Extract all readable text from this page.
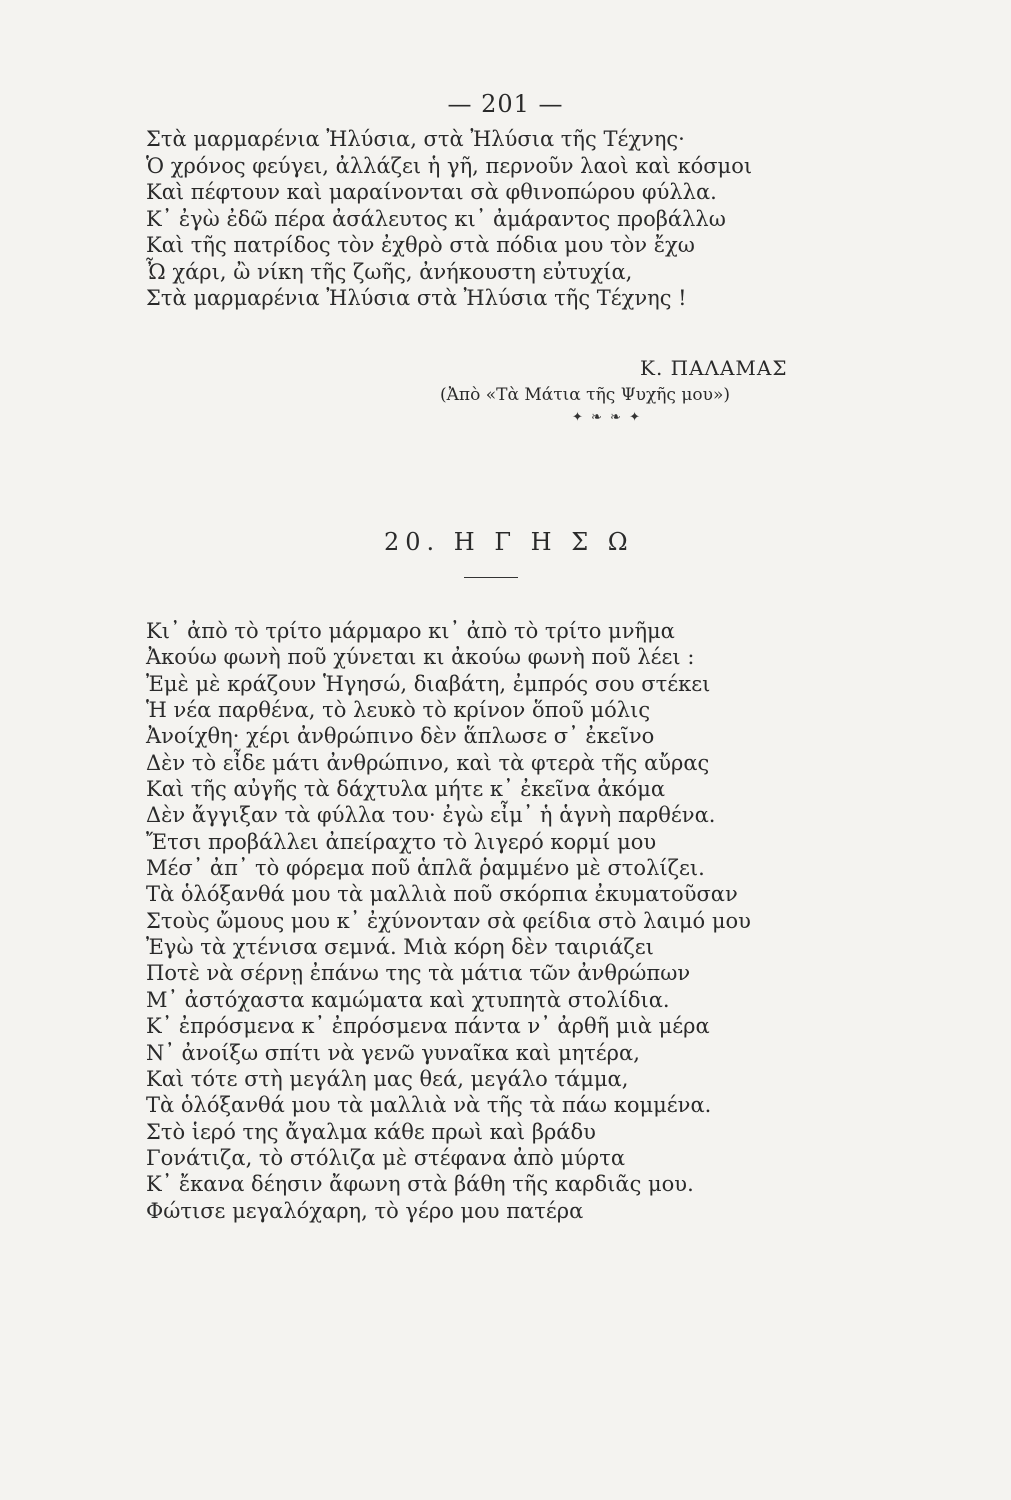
— 201 —
Στὰ μαρμαρένια Ἠλύσια, στὰ Ἠλύσια τῆς Τέχνης·
Ὁ χρόνος φεύγει, ἀλλάζει ἡ γῆ, περνοῦν λαοὶ καὶ κόσμοι
Καὶ πέφτουν καὶ μαραίνονται σὰ φθινοπώρου φύλλα.
Κ᾽ ἐγὼ ἐδῶ πέρα ἀσάλευτος κι᾽ ἀμάραντος προβάλλω
Καὶ τῆς πατρίδος τὸν ἐχθρὸ στὰ πόδια μου τὸν ἔχω
Ὦ χάρι, ὢ νίκη τῆς ζωῆς, ἀνήκουστη εὐτυχία,
Στὰ μαρμαρένια Ἠλύσια στὰ Ἠλύσια τῆς Τέχνης !
Κ. ΠΑΛΑΜΑΣ
(Ἀπὸ «Τὰ Μάτια τῆς Ψυχῆς μου»)
✦ ❧ ❧ ✦
20. Η Γ Η Σ Ω
Κι᾽ ἀπὸ τὸ τρίτο μάρμαρο κι᾽ ἀπὸ τὸ τρίτο μνῆμα
Ἀκούω φωνὴ ποῦ χύνεται κι ἀκούω φωνὴ ποῦ λέει :
Ἐμὲ μὲ κράζουν Ἡγησώ, διαβάτη, ἐμπρός σου στέκει
Ἡ νέα παρθένα, τὸ λευκὸ τὸ κρίνον ὅποῦ μόλις
Ἀνοίχθη· χέρι ἀνθρώπινο δὲν ἅπλωσε σ᾽ ἐκεῖνο
Δὲν τὸ εἶδε μάτι ἀνθρώπινο, καὶ τὰ φτερὰ τῆς αὔρας
Καὶ τῆς αὐγῆς τὰ δάχτυλα μήτε κ᾽ ἐκεῖνα ἀκόμα
Δὲν ἄγγιξαν τὰ φύλλα του· ἐγὼ εἶμ᾽ ἡ ἁγνὴ παρθένα.
Ἔτσι προβάλλει ἀπείραχτο τὸ λιγερό κορμί μου
Μέσ᾽ ἀπ᾽ τὸ φόρεμα ποῦ ἁπλᾶ ῥαμμένο μὲ στολίζει.
Τὰ ὁλόξανθά μου τὰ μαλλιὰ ποῦ σκόρπια ἐκυματοῦσαν
Στοὺς ὤμους μου κ᾽ ἐχύνονταν σὰ φείδια στὸ λαιμό μου
Ἐγὼ τὰ χτένισα σεμνά. Μιὰ κόρη δὲν ταιριάζει
Ποτὲ νὰ σέρνῃ ἐπάνω της τὰ μάτια τῶν ἀνθρώπων
Μ᾽ ἀστόχαστα καμώματα καὶ χτυπητὰ στολίδια.
Κ᾽ ἐπρόσμενα κ᾽ ἐπρόσμενα πάντα ν᾽ ἀρθῆ μιὰ μέρα
Ν᾽ ἀνοίξω σπίτι νὰ γενῶ γυναῖκα καὶ μητέρα,
Καὶ τότε στὴ μεγάλη μας θεά, μεγάλο τάμμα,
Τὰ ὁλόξανθά μου τὰ μαλλιὰ νὰ τῆς τὰ πάω κομμένα.
Στὸ ἱερό της ἄγαλμα κάθε πρωὶ καὶ βράδυ
Γονάτιζα, τὸ στόλιζα μὲ στέφανα ἀπὸ μύρτα
Κ᾽ ἔκανα δέησιν ἄφωνη στὰ βάθη τῆς καρδιᾶς μου.
Φώτισε μεγαλόχαρη, τὸ γέρο μου πατέρα
